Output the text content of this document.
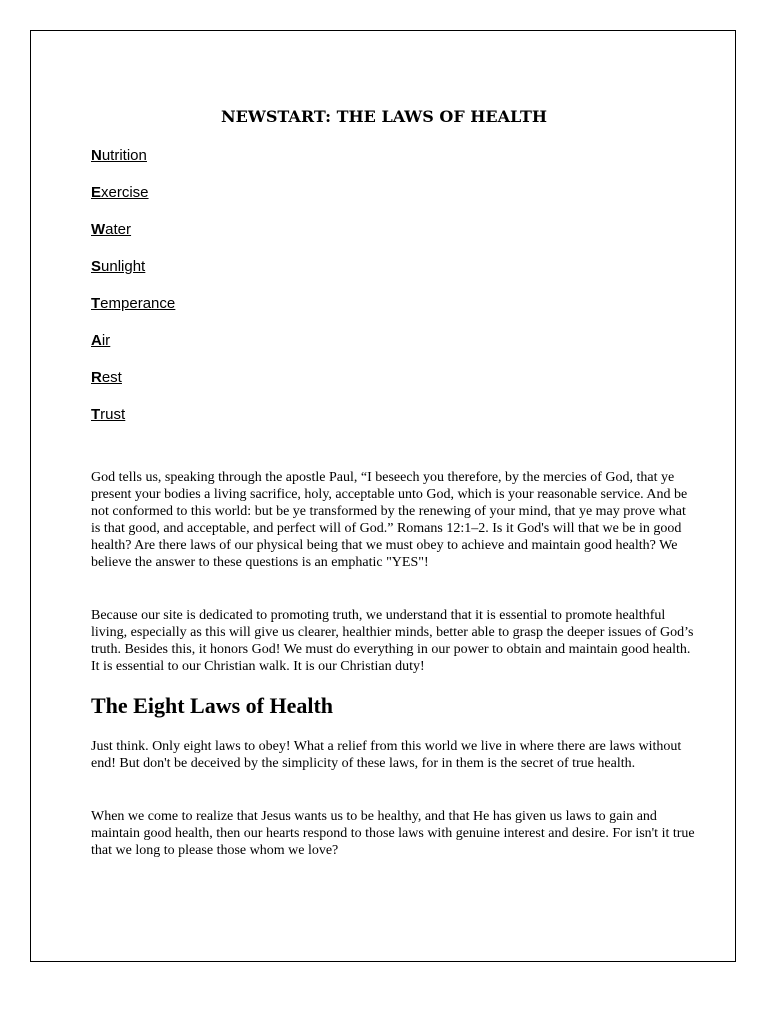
NEWSTART: THE LAWS OF HEALTH
Nutrition
Exercise
Water
Sunlight
Temperance
Air
Rest
Trust

God tells us, speaking through the apostle Paul, “I beseech you therefore, by the mercies of God, that ye present your bodies a living sacrifice, holy, acceptable unto God, which is your reasonable service. And be not conformed to this world: but be ye transformed by the renewing of your mind, that ye may prove what is that good, and acceptable, and perfect will of God.” Romans 12:1–2. Is it God's will that we be in good health? Are there laws of our physical being that we must obey to achieve and maintain good health? We believe the answer to these questions is an emphatic "YES"!

Because our site is dedicated to promoting truth, we understand that it is essential to promote healthful living, especially as this will give us clearer, healthier minds, better able to grasp the deeper issues of God’s truth. Besides this, it honors God! We must do everything in our power to obtain and maintain good health. It is essential to our Christian walk. It is our Christian duty!

The Eight Laws of Health

Just think. Only eight laws to obey! What a relief from this world we live in where there are laws without end! But don't be deceived by the simplicity of these laws, for in them is the secret of true health.

When we come to realize that Jesus wants us to be healthy, and that He has given us laws to gain and maintain good health, then our hearts respond to those laws with genuine interest and desire. For isn't it true that we long to please those whom we love?
